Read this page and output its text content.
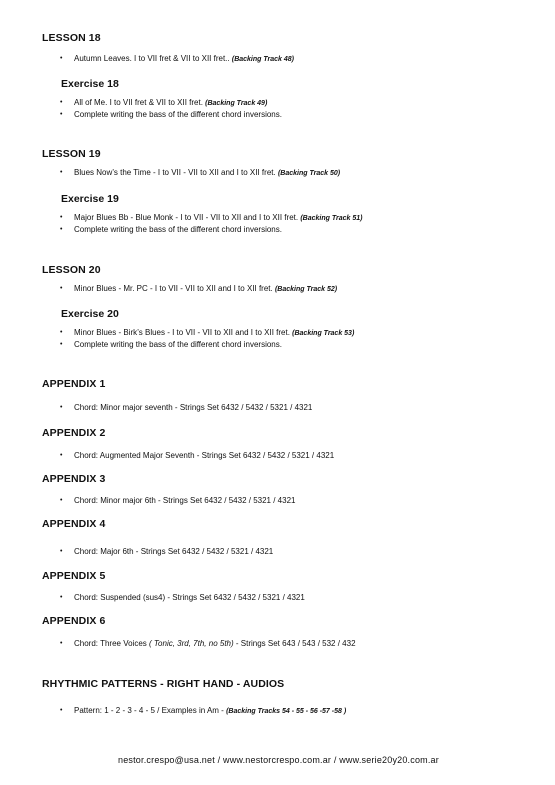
LESSON 18
• Autumn Leaves. I to VII fret & VII to XII fret.. (Backing Track 48)
Exercise 18
• All of Me. I to VII fret & VII to XII fret. (Backing Track 49)
• Complete writing the bass of the different chord inversions.
LESSON 19
• Blues Now’s the Time - I to VII - VII to XII and I to XII fret. (Backing Track 50)
Exercise 19
• Major Blues Bb - Blue Monk - I to VII - VII to XII and I to XII fret. (Backing Track 51)
• Complete writing the bass of the different chord inversions.
LESSON 20
• Minor Blues - Mr. PC - I to VII - VII to XII and I to XII fret. (Backing Track 52)
Exercise 20
• Minor Blues - Birk’s Blues - I to VII - VII to XII and I to XII fret. (Backing Track 53)
• Complete writing the bass of the different chord inversions.
APPENDIX 1
• Chord: Minor major seventh - Strings Set 6432 / 5432 / 5321 / 4321
APPENDIX 2
• Chord: Augmented Major Seventh - Strings Set 6432 / 5432 / 5321 / 4321
APPENDIX 3
• Chord: Minor major 6th - Strings Set 6432 / 5432 / 5321 / 4321
APPENDIX 4
• Chord: Major 6th - Strings Set 6432 / 5432 / 5321 / 4321
APPENDIX 5
• Chord: Suspended (sus4) - Strings Set 6432 / 5432 / 5321 / 4321
APPENDIX 6
• Chord: Three Voices ( Tonic, 3rd, 7th, no 5th) - Strings Set 643 / 543 / 532 / 432
RHYTHMIC PATTERNS - RIGHT HAND - AUDIOS
• Pattern: 1 - 2 - 3 - 4 - 5 / Examples in Am - (Backing Tracks 54 - 55 - 56 -57 -58 )
nestor.crespo@usa.net / www.nestorcrespo.com.ar / www.serie20y20.com.ar
